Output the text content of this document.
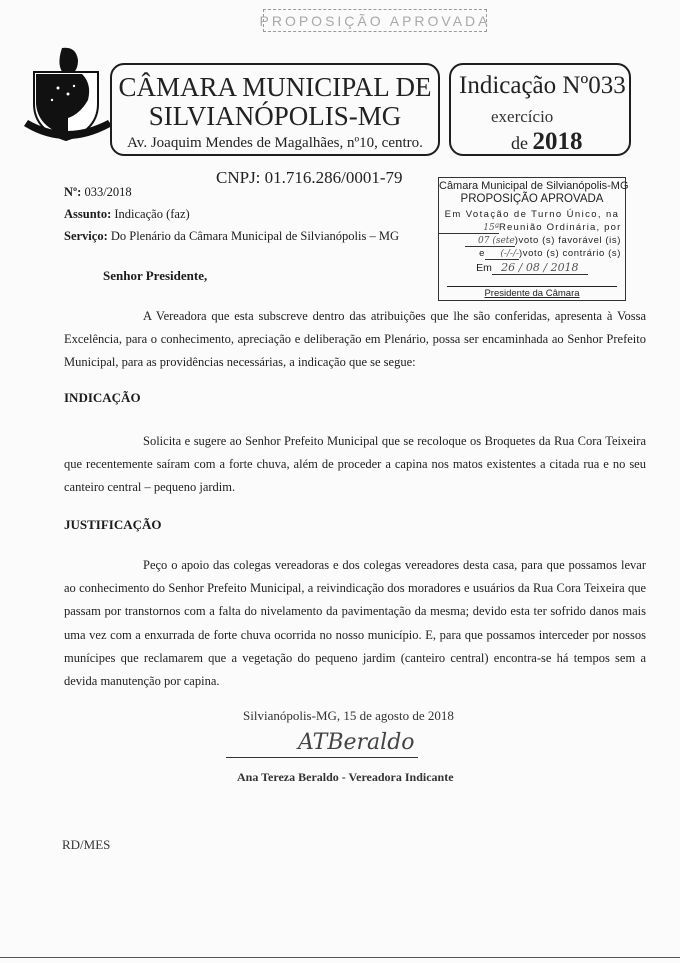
PROPOSIÇÃO APROVADA
CÂMARA MUNICIPAL DE
SILVIANÓPOLIS-MG
Av. Joaquim Mendes de Magalhães, nº10, centro.
Indicação Nº033
exercício
de 2018
CNPJ: 01.716.286/0001-79
Nº: 033/2018
Assunto: Indicação (faz)
Serviço: Do Plenário da Câmara Municipal de Silvianópolis – MG
Câmara Municipal de Silvianópolis-MG
PROPOSIÇÃO APROVADA
Em Votação de Turno Único, na
15ªReunião Ordinária, por
07 (sete)voto (s) favorável (is)
e (-/-/-)voto (s) contrário (s)
Em 26 / 08 / 2018
Presidente da Câmara
Senhor Presidente,

A Vereadora que esta subscreve dentro das atribuições que lhe são conferidas, apresenta à Vossa Excelência, para o conhecimento, apreciação e deliberação em Plenário, possa ser encaminhada ao Senhor Prefeito Municipal, para as providências necessárias, a indicação que se segue:

INDICAÇÃO

Solicita e sugere ao Senhor Prefeito Municipal que se recoloque os Broquetes da Rua Cora Teixeira que recentemente saíram com a forte chuva, além de proceder a capina nos matos existentes a citada rua e no seu canteiro central – pequeno jardim.

JUSTIFICAÇÃO

Peço o apoio das colegas vereadoras e dos colegas vereadores desta casa, para que possamos levar ao conhecimento do Senhor Prefeito Municipal, a reivindicação dos moradores e usuários da Rua Cora Teixeira que passam por transtornos com a falta do nivelamento da pavimentação da mesma; devido esta ter sofrido danos mais uma vez com a enxurrada de forte chuva ocorrida no nosso município. E, para que possamos interceder por nossos munícipes que reclamarem que a vegetação do pequeno jardim (canteiro central) encontra-se há tempos sem a devida manutenção por capina.

Silvianópolis-MG, 15 de agosto de 2018
ATBeraldo
Ana Tereza Beraldo - Vereadora Indicante
RD/MES
